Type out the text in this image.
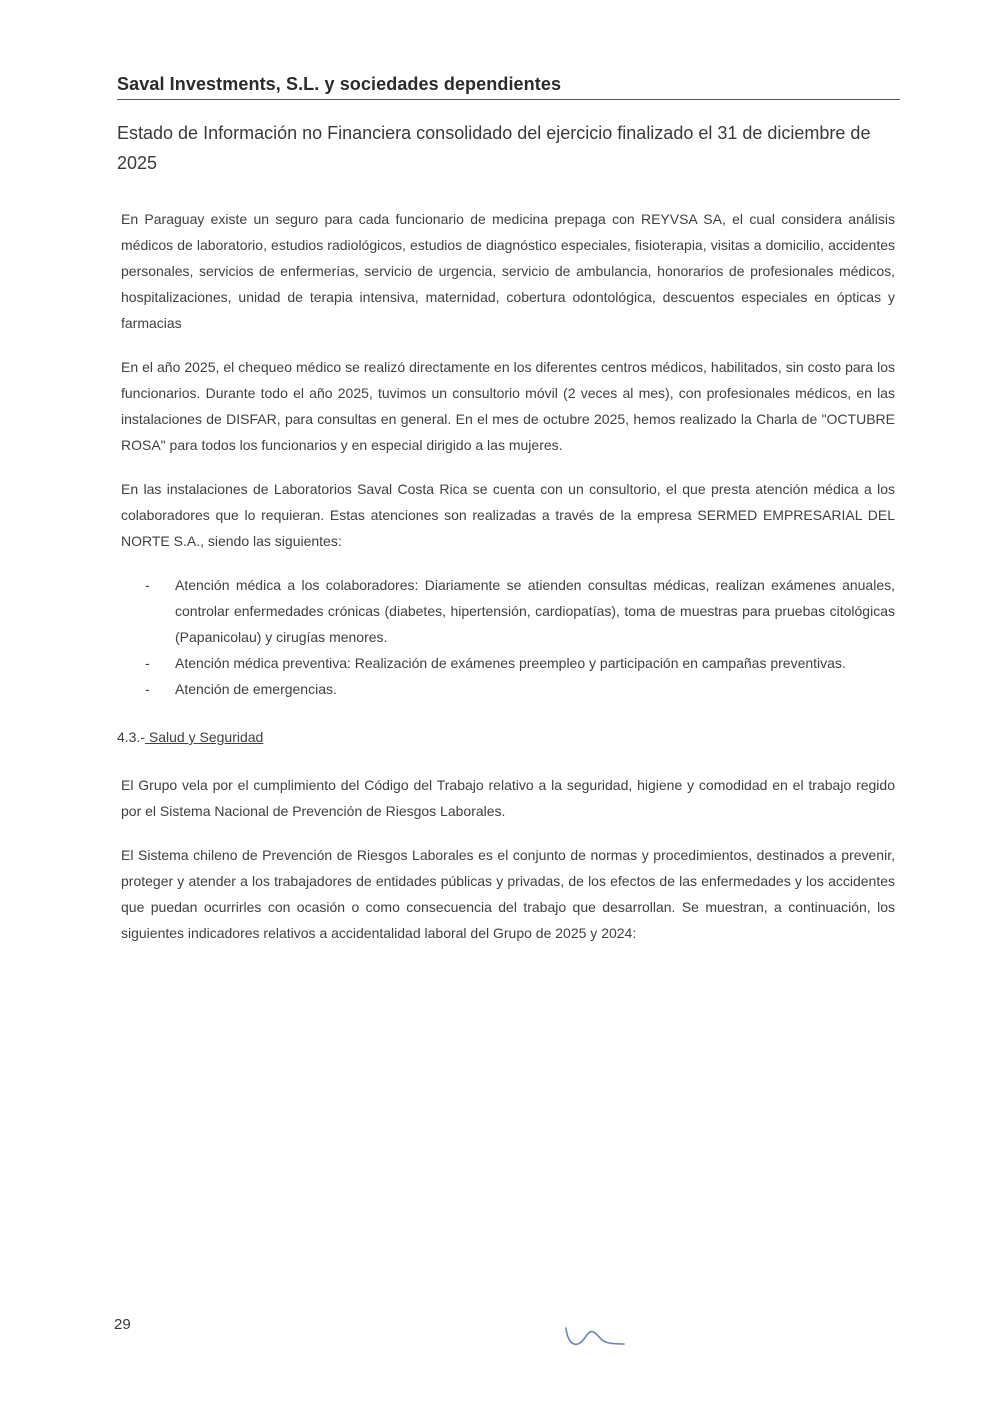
Saval Investments, S.L. y sociedades dependientes
Estado de Información no Financiera consolidado del ejercicio finalizado el 31 de diciembre de 2025

En Paraguay existe un seguro para cada funcionario de medicina prepaga con REYVSA SA, el cual considera análisis médicos de laboratorio, estudios radiológicos, estudios de diagnóstico especiales, fisioterapia, visitas a domicilio, accidentes personales, servicios de enfermerías, servicio de urgencia, servicio de ambulancia, honorarios de profesionales médicos, hospitalizaciones, unidad de terapia intensiva, maternidad, cobertura odontológica, descuentos especiales en ópticas y farmacias

En el año 2025, el chequeo médico se realizó directamente en los diferentes centros médicos, habilitados, sin costo para los funcionarios. Durante todo el año 2025, tuvimos un consultorio móvil (2 veces al mes), con profesionales médicos, en las instalaciones de DISFAR, para consultas en general. En el mes de octubre 2025, hemos realizado la Charla de "OCTUBRE ROSA" para todos los funcionarios y en especial dirigido a las mujeres.

En las instalaciones de Laboratorios Saval Costa Rica se cuenta con un consultorio, el que presta atención médica a los colaboradores que lo requieran. Estas atenciones son realizadas a través de la empresa SERMED EMPRESARIAL DEL NORTE S.A., siendo las siguientes:

- Atención médica a los colaboradores: Diariamente se atienden consultas médicas, realizan exámenes anuales, controlar enfermedades crónicas (diabetes, hipertensión, cardiopatías), toma de muestras para pruebas citológicas (Papanicolau) y cirugías menores.
- Atención médica preventiva: Realización de exámenes preempleo y participación en campañas preventivas.
- Atención de emergencias.
4.3.- Salud y Seguridad

El Grupo vela por el cumplimiento del Código del Trabajo relativo a la seguridad, higiene y comodidad en el trabajo regido por el Sistema Nacional de Prevención de Riesgos Laborales.

El Sistema chileno de Prevención de Riesgos Laborales es el conjunto de normas y procedimientos, destinados a prevenir, proteger y atender a los trabajadores de entidades públicas y privadas, de los efectos de las enfermedades y los accidentes que puedan ocurrirles con ocasión o como consecuencia del trabajo que desarrollan. Se muestran, a continuación, los siguientes indicadores relativos a accidentalidad laboral del Grupo de 2025 y 2024:

29
